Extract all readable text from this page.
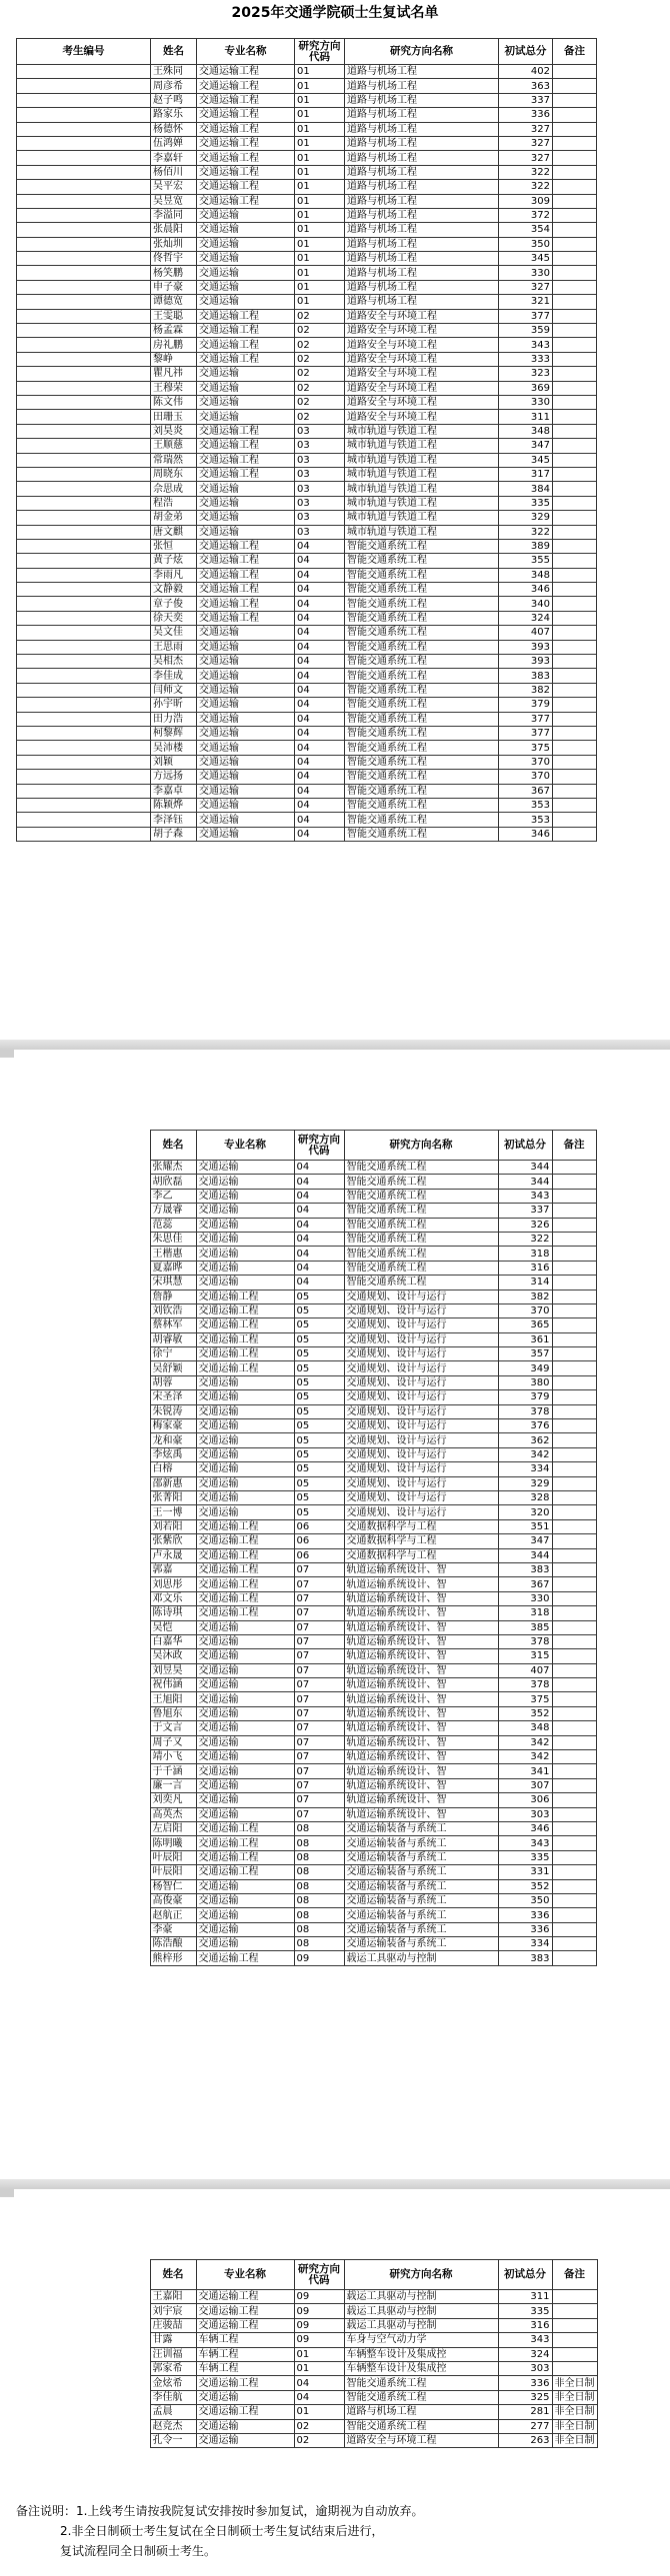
2025年交通学院硕士生复试名单
考生编号	姓名	专业名称	研究方向代码	研究方向名称	初试总分	备注
	王殊同	交通运输工程	01	道路与机场工程	402	
	周彦希	交通运输工程	01	道路与机场工程	363	
	赵子鸣	交通运输工程	01	道路与机场工程	337	
	路家乐	交通运输工程	01	道路与机场工程	336	
	杨德怀	交通运输工程	01	道路与机场工程	327	
	伍鸿婵	交通运输工程	01	道路与机场工程	327	
	李嘉轩	交通运输工程	01	道路与机场工程	327	
	杨佰川	交通运输工程	01	道路与机场工程	322	
	吴平宏	交通运输工程	01	道路与机场工程	322	
	吴昱宽	交通运输工程	01	道路与机场工程	309	
	李溢同	交通运输	01	道路与机场工程	372	
	张晨阳	交通运输	01	道路与机场工程	354	
	张灿圳	交通运输	01	道路与机场工程	350	
	佟哲宇	交通运输	01	道路与机场工程	345	
	杨笑鹏	交通运输	01	道路与机场工程	330	
	申子豪	交通运输	01	道路与机场工程	327	
	谭德宽	交通运输	01	道路与机场工程	321	
	王雯聪	交通运输工程	02	道路安全与环境工程	377	
	杨孟霖	交通运输工程	02	道路安全与环境工程	359	
	房礼鹏	交通运输工程	02	道路安全与环境工程	343	
	黎峥	交通运输工程	02	道路安全与环境工程	333	
	瞿凡祎	交通运输	02	道路安全与环境工程	323	
	王穆荣	交通运输	02	道路安全与环境工程	369	
	陈文伟	交通运输	02	道路安全与环境工程	330	
	田珊玉	交通运输	02	道路安全与环境工程	311	
	刘昊炎	交通运输工程	03	城市轨道与铁道工程	348	
	王顺慈	交通运输工程	03	城市轨道与铁道工程	347	
	常瑞然	交通运输工程	03	城市轨道与铁道工程	345	
	周晓东	交通运输工程	03	城市轨道与铁道工程	317	
	佘思成	交通运输	03	城市轨道与铁道工程	384	
	程浩	交通运输	03	城市轨道与铁道工程	335	
	胡金弟	交通运输	03	城市轨道与铁道工程	329	
	唐文麒	交通运输	03	城市轨道与铁道工程	322	
	张恒	交通运输工程	04	智能交通系统工程	389	
	黄子炫	交通运输工程	04	智能交通系统工程	355	
	李雨凡	交通运输工程	04	智能交通系统工程	348	
	文静毅	交通运输工程	04	智能交通系统工程	346	
	章子俊	交通运输工程	04	智能交通系统工程	340	
	徐天奕	交通运输工程	04	智能交通系统工程	324	
	吴文佳	交通运输	04	智能交通系统工程	407	
	王思雨	交通运输	04	智能交通系统工程	393	
	吴相杰	交通运输	04	智能交通系统工程	393	
	李佳成	交通运输	04	智能交通系统工程	383	
	闫师文	交通运输	04	智能交通系统工程	382	
	孙宇昕	交通运输	04	智能交通系统工程	379	
	田力浩	交通运输	04	智能交通系统工程	377	
	柯黎辉	交通运输	04	智能交通系统工程	377	
	吴沛楼	交通运输	04	智能交通系统工程	375	
	刘颖	交通运输	04	智能交通系统工程	370	
	方远扬	交通运输	04	智能交通系统工程	370	
	李嘉卓	交通运输	04	智能交通系统工程	367	
	陈颖烨	交通运输	04	智能交通系统工程	353	
	李泽钰	交通运输	04	智能交通系统工程	353	
	胡子森	交通运输	04	智能交通系统工程	346	
	姓名	专业名称	研究方向代码	研究方向名称	初试总分	备注
	张耀杰	交通运输	04	智能交通系统工程	344	
	胡欣磊	交通运输	04	智能交通系统工程	344	
	李乙	交通运输	04	智能交通系统工程	343	
	方晟睿	交通运输	04	智能交通系统工程	337	
	范蕊	交通运输	04	智能交通系统工程	326	
	朱思佳	交通运输	04	智能交通系统工程	322	
	王楷惠	交通运输	04	智能交通系统工程	318	
	夏嘉晔	交通运输	04	智能交通系统工程	316	
	宋琪慧	交通运输	04	智能交通系统工程	314	
	詹静	交通运输工程	05	交通规划、设计与运行	382	
	刘钦浩	交通运输工程	05	交通规划、设计与运行	370	
	蔡林军	交通运输工程	05	交通规划、设计与运行	365	
	胡睿敏	交通运输工程	05	交通规划、设计与运行	361	
	徐宁	交通运输工程	05	交通规划、设计与运行	357	
	吴舒颖	交通运输工程	05	交通规划、设计与运行	349	
	胡蓉	交通运输	05	交通规划、设计与运行	380	
	宋圣泽	交通运输	05	交通规划、设计与运行	379	
	朱锐涛	交通运输	05	交通规划、设计与运行	378	
	梅家豪	交通运输	05	交通规划、设计与运行	376	
	龙和豪	交通运输	05	交通规划、设计与运行	362	
	李炫禹	交通运输	05	交通规划、设计与运行	342	
	白榕	交通运输	05	交通规划、设计与运行	334	
	邵新惠	交通运输	05	交通规划、设计与运行	329	
	张菁阳	交通运输	05	交通规划、设计与运行	328	
	王一博	交通运输	05	交通规划、设计与运行	320	
	刘若阳	交通运输工程	06	交通数据科学与工程	351	
	张紫欣	交通运输工程	06	交通数据科学与工程	347	
	卢永晟	交通运输工程	06	交通数据科学与工程	344	
	郭嘉	交通运输工程	07	轨道运输系统设计、智	383	
	刘思彤	交通运输工程	07	轨道运输系统设计、智	367	
	邓文乐	交通运输工程	07	轨道运输系统设计、智	330	
	陈诗琪	交通运输工程	07	轨道运输系统设计、智	318	
	吴恺	交通运输	07	轨道运输系统设计、智	385	
	白嘉华	交通运输	07	轨道运输系统设计、智	378	
	吴沐政	交通运输	07	轨道运输系统设计、智	315	
	刘昱昊	交通运输	07	轨道运输系统设计、智	407	
	祝伟涵	交通运输	07	轨道运输系统设计、智	378	
	王旭阳	交通运输	07	轨道运输系统设计、智	375	
	鲁旭东	交通运输	07	轨道运输系统设计、智	352	
	于文言	交通运输	07	轨道运输系统设计、智	348	
	周子又	交通运输	07	轨道运输系统设计、智	342	
	靖小飞	交通运输	07	轨道运输系统设计、智	342	
	于千涵	交通运输	07	轨道运输系统设计、智	341	
	廉一言	交通运输	07	轨道运输系统设计、智	307	
	刘奕凡	交通运输	07	轨道运输系统设计、智	306	
	高英杰	交通运输	07	轨道运输系统设计、智	303	
	左启阳	交通运输工程	08	交通运输装备与系统工	346	
	陈明曦	交通运输工程	08	交通运输装备与系统工	343	
	叶辰阳	交通运输工程	08	交通运输装备与系统工	335	
	叶辰阳	交通运输工程	08	交通运输装备与系统工	331	
	杨智仁	交通运输	08	交通运输装备与系统工	352	
	高俊豪	交通运输	08	交通运输装备与系统工	350	
	赵航正	交通运输	08	交通运输装备与系统工	336	
	李豪	交通运输	08	交通运输装备与系统工	336	
	陈浩酿	交通运输	08	交通运输装备与系统工	334	
	熊梓形	交通运输工程	09	载运工具驱动与控制	383	
	姓名	专业名称	研究方向代码	研究方向名称	初试总分	备注
	王嘉阳	交通运输工程	09	载运工具驱动与控制	311	
	刘宇宸	交通运输工程	09	载运工具驱动与控制	335	
	庄骏喆	交通运输工程	09	载运工具驱动与控制	316	
	甘露	车辆工程	09	车身与空气动力学	343	
	汪训福	车辆工程	01	车辆整车设计及集成控	324	
	郭家希	车辆工程	01	车辆整车设计及集成控	303	
	金炫希	交通运输工程	04	智能交通系统工程	336	非全日制
	李佳航	交通运输	04	智能交通系统工程	325	非全日制
	孟晨	交通运输工程	01	道路与机场工程	281	非全日制
	赵竞杰	交通运输	02	智能交通系统工程	277	非全日制
	孔令一	交通运输	02	道路安全与环境工程	263	非全日制
备注说明：1.上线考生请按我院复试安排按时参加复试，逾期视为自动放弃。
2.非全日制硕士考生复试在全日制硕士考生复试结束后进行，
复试流程同全日制硕士考生。
